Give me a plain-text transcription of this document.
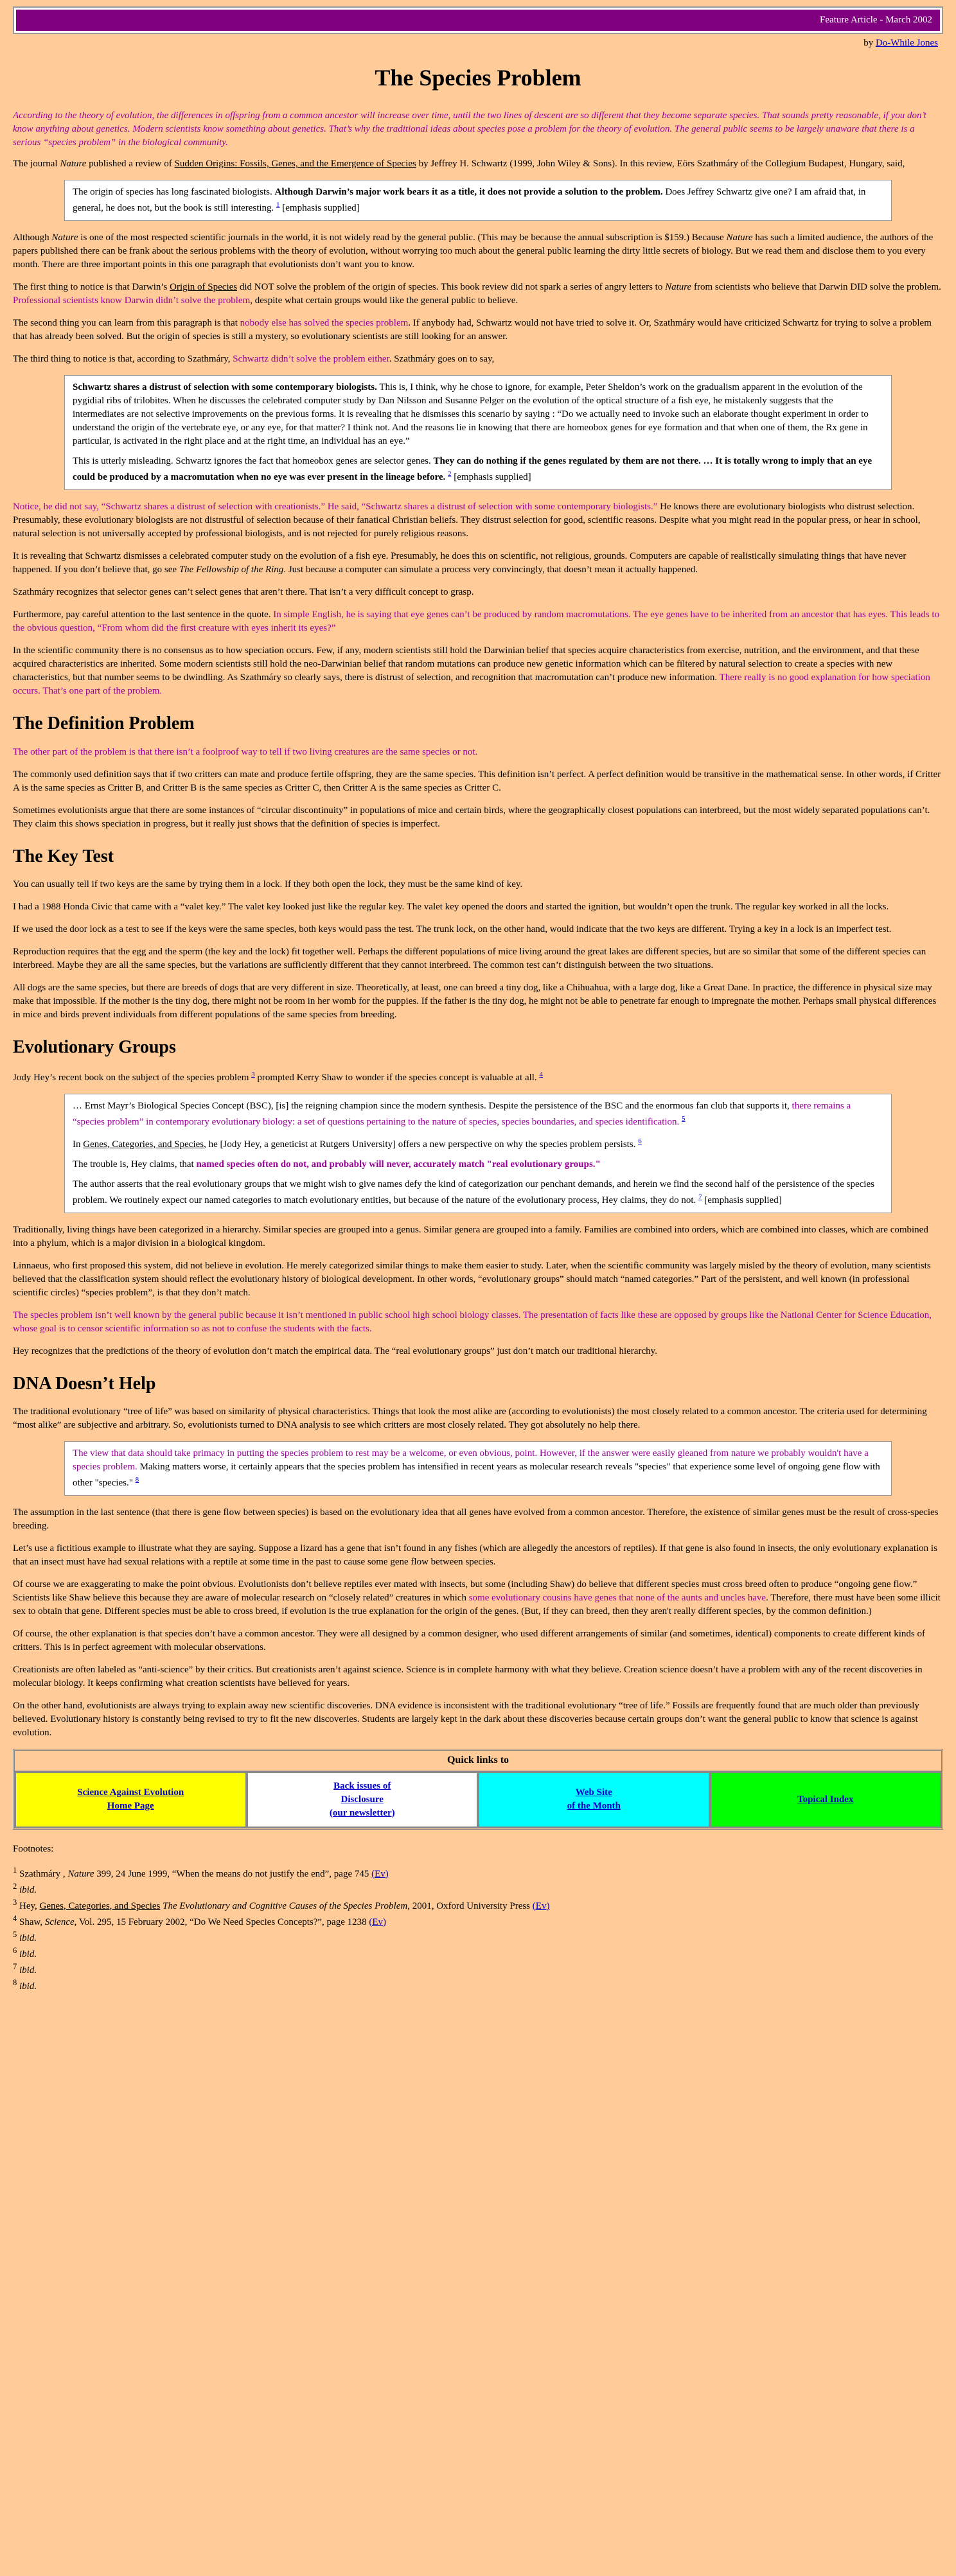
Feature Article - March 2002
by Do-While Jones
The Species Problem

According to the theory of evolution, the differences in offspring from a common ancestor will increase over time, until the two lines of descent are so different that they become separate species. That sounds pretty reasonable, if you don’t know anything about genetics. Modern scientists know something about genetics. That’s why the traditional ideas about species pose a problem for the theory of evolution. The general public seems to be largely unaware that there is a serious “species problem” in the biological community.

The journal Nature published a review of Sudden Origins: Fossils, Genes, and the Emergence of Species by Jeffrey H. Schwartz (1999, John Wiley & Sons). In this review, Eörs Szathmáry of the Collegium Budapest, Hungary, said,

The origin of species has long fascinated biologists. Although Darwin’s major work bears it as a title, it does not provide a solution to the problem. Does Jeffrey Schwartz give one? I am afraid that, in general, he does not, but the book is still interesting. $^1$ [emphasis supplied]

Although Nature is one of the most respected scientific journals in the world, it is not widely read by the general public. (This may be because the annual subscription is $159.) Because Nature has such a limited audience, the authors of the papers published there can be frank about the serious problems with the theory of evolution, without worrying too much about the general public learning the dirty little secrets of biology. But we read them and disclose them to you every month. There are three important points in this one paragraph that evolutionists don’t want you to know.

The first thing to notice is that Darwin’s Origin of Species did NOT solve the problem of the origin of species. This book review did not spark a series of angry letters to Nature from scientists who believe that Darwin DID solve the problem. Professional scientists know Darwin didn’t solve the problem, despite what certain groups would like the general public to believe.

The second thing you can learn from this paragraph is that nobody else has solved the species problem. If anybody had, Schwartz would not have tried to solve it. Or, Szathmáry would have criticized Schwartz for trying to solve a problem that has already been solved. But the origin of species is still a mystery, so evolutionary scientists are still looking for an answer.

The third thing to notice is that, according to Szathmáry, Schwartz didn’t solve the problem either. Szathmáry goes on to say,

Schwartz shares a distrust of selection with some contemporary biologists. This is, I think, why he chose to ignore, for example, Peter Sheldon’s work on the gradualism apparent in the evolution of the pygidial ribs of trilobites. When he discusses the celebrated computer study by Dan Nilsson and Susanne Pelger on the evolution of the optical structure of a fish eye, he mistakenly suggests that the intermediates are not selective improvements on the previous forms. It is revealing that he dismisses this scenario by saying : “Do we actually need to invoke such an elaborate thought experiment in order to understand the origin of the vertebrate eye, or any eye, for that matter? I think not. And the reasons lie in knowing that there are homeobox genes for eye formation and that when one of them, the Rx gene in particular, is activated in the right place and at the right time, an individual has an eye.”

This is utterly misleading. Schwartz ignores the fact that homeobox genes are selector genes. They can do nothing if the genes regulated by them are not there. … It is totally wrong to imply that an eye could be produced by a macromutation when no eye was ever present in the lineage before. $^2$ [emphasis supplied]

Notice, he did not say, “Schwartz shares a distrust of selection with creationists.” He said, “Schwartz shares a distrust of selection with some contemporary biologists.” He knows there are evolutionary biologists who distrust selection. Presumably, these evolutionary biologists are not distrustful of selection because of their fanatical Christian beliefs. They distrust selection for good, scientific reasons. Despite what you might read in the popular press, or hear in school, natural selection is not universally accepted by professional biologists, and is not rejected for purely religious reasons.

It is revealing that Schwartz dismisses a celebrated computer study on the evolution of a fish eye. Presumably, he does this on scientific, not religious, grounds. Computers are capable of realistically simulating things that have never happened. If you don’t believe that, go see The Fellowship of the Ring. Just because a computer can simulate a process very convincingly, that doesn’t mean it actually happened.

Szathmáry recognizes that selector genes can’t select genes that aren’t there. That isn’t a very difficult concept to grasp.

Furthermore, pay careful attention to the last sentence in the quote. In simple English, he is saying that eye genes can’t be produced by random macromutations. The eye genes have to be inherited from an ancestor that has eyes. This leads to the obvious question, “From whom did the first creature with eyes inherit its eyes?”

In the scientific community there is no consensus as to how speciation occurs. Few, if any, modern scientists still hold the Darwinian belief that species acquire characteristics from exercise, nutrition, and the environment, and that these acquired characteristics are inherited. Some modern scientists still hold the neo-Darwinian belief that random mutations can produce new genetic information which can be filtered by natural selection to create a species with new characteristics, but that number seems to be dwindling. As Szathmáry so clearly says, there is distrust of selection, and recognition that macromutation can’t produce new information. There really is no good explanation for how speciation occurs. That’s one part of the problem.

The Definition Problem

The other part of the problem is that there isn’t a foolproof way to tell if two living creatures are the same species or not.

The commonly used definition says that if two critters can mate and produce fertile offspring, they are the same species. This definition isn’t perfect. A perfect definition would be transitive in the mathematical sense. In other words, if Critter A is the same species as Critter B, and Critter B is the same species as Critter C, then Critter A is the same species as Critter C.

Sometimes evolutionists argue that there are some instances of “circular discontinuity” in populations of mice and certain birds, where the geographically closest populations can interbreed, but the most widely separated populations can’t. They claim this shows speciation in progress, but it really just shows that the definition of species is imperfect.

The Key Test

You can usually tell if two keys are the same by trying them in a lock. If they both open the lock, they must be the same kind of key.

I had a 1988 Honda Civic that came with a “valet key.” The valet key looked just like the regular key. The valet key opened the doors and started the ignition, but wouldn’t open the trunk. The regular key worked in all the locks.

If we used the door lock as a test to see if the keys were the same species, both keys would pass the test. The trunk lock, on the other hand, would indicate that the two keys are different. Trying a key in a lock is an imperfect test.

Reproduction requires that the egg and the sperm (the key and the lock) fit together well. Perhaps the different populations of mice living around the great lakes are different species, but are so similar that some of the different species can interbreed. Maybe they are all the same species, but the variations are sufficiently different that they cannot interbreed. The common test can’t distinguish between the two situations.

All dogs are the same species, but there are breeds of dogs that are very different in size. Theoretically, at least, one can breed a tiny dog, like a Chihuahua, with a large dog, like a Great Dane. In practice, the difference in physical size may make that impossible. If the mother is the tiny dog, there might not be room in her womb for the puppies. If the father is the tiny dog, he might not be able to penetrate far enough to impregnate the mother. Perhaps small physical differences in mice and birds prevent individuals from different populations of the same species from breeding.

Evolutionary Groups

Jody Hey’s recent book on the subject of the species problem $^3$ prompted Kerry Shaw to wonder if the species concept is valuable at all. $^4$

… Ernst Mayr’s Biological Species Concept (BSC), [is] the reigning champion since the modern synthesis. Despite the persistence of the BSC and the enormous fan club that supports it, there remains a “species problem” in contemporary evolutionary biology: a set of questions pertaining to the nature of species, species boundaries, and species identification. $^5$

In Genes, Categories, and Species, he [Jody Hey, a geneticist at Rutgers University] offers a new perspective on why the species problem persists. $^6$

The trouble is, Hey claims, that named species often do not, and probably will never, accurately match "real evolutionary groups."

The author asserts that the real evolutionary groups that we might wish to give names defy the kind of categorization our penchant demands, and herein we find the second half of the persistence of the species problem. We routinely expect our named categories to match evolutionary entities, but because of the nature of the evolutionary process, Hey claims, they do not. $^7$ [emphasis supplied]

Traditionally, living things have been categorized in a hierarchy. Similar species are grouped into a genus. Similar genera are grouped into a family. Families are combined into orders, which are combined into classes, which are combined into a phylum, which is a major division in a biological kingdom.

Linnaeus, who first proposed this system, did not believe in evolution. He merely categorized similar things to make them easier to study. Later, when the scientific community was largely misled by the theory of evolution, many scientists believed that the classification system should reflect the evolutionary history of biological development. In other words, “evolutionary groups” should match “named categories.” Part of the persistent, and well known (in professional scientific circles) “species problem”, is that they don’t match.

The species problem isn’t well known by the general public because it isn’t mentioned in public school high school biology classes. The presentation of facts like these are opposed by groups like the National Center for Science Education, whose goal is to censor scientific information so as not to confuse the students with the facts.

Hey recognizes that the predictions of the theory of evolution don’t match the empirical data. The “real evolutionary groups” just don’t match our traditional hierarchy.

DNA Doesn’t Help

The traditional evolutionary “tree of life” was based on similarity of physical characteristics. Things that look the most alike are (according to evolutionists) the most closely related to a common ancestor. The criteria used for determining “most alike” are subjective and arbitrary. So, evolutionists turned to DNA analysis to see which critters are most closely related. They got absolutely no help there.

The view that data should take primacy in putting the species problem to rest may be a welcome, or even obvious, point. However, if the answer were easily gleaned from nature we probably wouldn't have a species problem. Making matters worse, it certainly appears that the species problem has intensified in recent years as molecular research reveals "species" that experience some level of ongoing gene flow with other "species." $^8$

The assumption in the last sentence (that there is gene flow between species) is based on the evolutionary idea that all genes have evolved from a common ancestor. Therefore, the existence of similar genes must be the result of cross-species breeding.

Let’s use a fictitious example to illustrate what they are saying. Suppose a lizard has a gene that isn’t found in any fishes (which are allegedly the ancestors of reptiles). If that gene is also found in insects, the only evolutionary explanation is that an insect must have had sexual relations with a reptile at some time in the past to cause some gene flow between species.

Of course we are exaggerating to make the point obvious. Evolutionists don’t believe reptiles ever mated with insects, but some (including Shaw) do believe that different species must cross breed often to produce “ongoing gene flow.” Scientists like Shaw believe this because they are aware of molecular research on “closely related” creatures in which some evolutionary cousins have genes that none of the aunts and uncles have. Therefore, there must have been some illicit sex to obtain that gene. Different species must be able to cross breed, if evolution is the true explanation for the origin of the genes. (But, if they can breed, then they aren't really different species, by the common definition.)

Of course, the other explanation is that species don’t have a common ancestor. They were all designed by a common designer, who used different arrangements of similar (and sometimes, identical) components to create different kinds of critters. This is in perfect agreement with molecular observations.

Creationists are often labeled as “anti-science” by their critics. But creationists aren’t against science. Science is in complete harmony with what they believe. Creation science doesn’t have a problem with any of the recent discoveries in molecular biology. It keeps confirming what creation scientists have believed for years.

On the other hand, evolutionists are always trying to explain away new scientific discoveries. DNA evidence is inconsistent with the traditional evolutionary “tree of life.” Fossils are frequently found that are much older than previously believed. Evolutionary history is constantly being revised to try to fit the new discoveries. Students are largely kept in the dark about these discoveries because certain groups don’t want the general public to know that science is against evolution.

Quick links to
Science Against Evolution
Home Page
Back issues of
Disclosure
(our newsletter)
Web Site
of the Month
Topical Index

Footnotes:

$^1$ Szathmáry , Nature 399, 24 June 1999, “When the means do not justify the end”, page 745 (Ev)

$^2$ ibid.

$^3$ Hey, Genes, Categories, and Species The Evolutionary and Cognitive Causes of the Species Problem, 2001, Oxford University Press (Ev)

$^4$ Shaw, Science, Vol. 295, 15 February 2002, “Do We Need Species Concepts?”, page 1238 (Ev)

$^5$ ibid.

$^6$ ibid.

$^7$ ibid.

$^8$ ibid.
